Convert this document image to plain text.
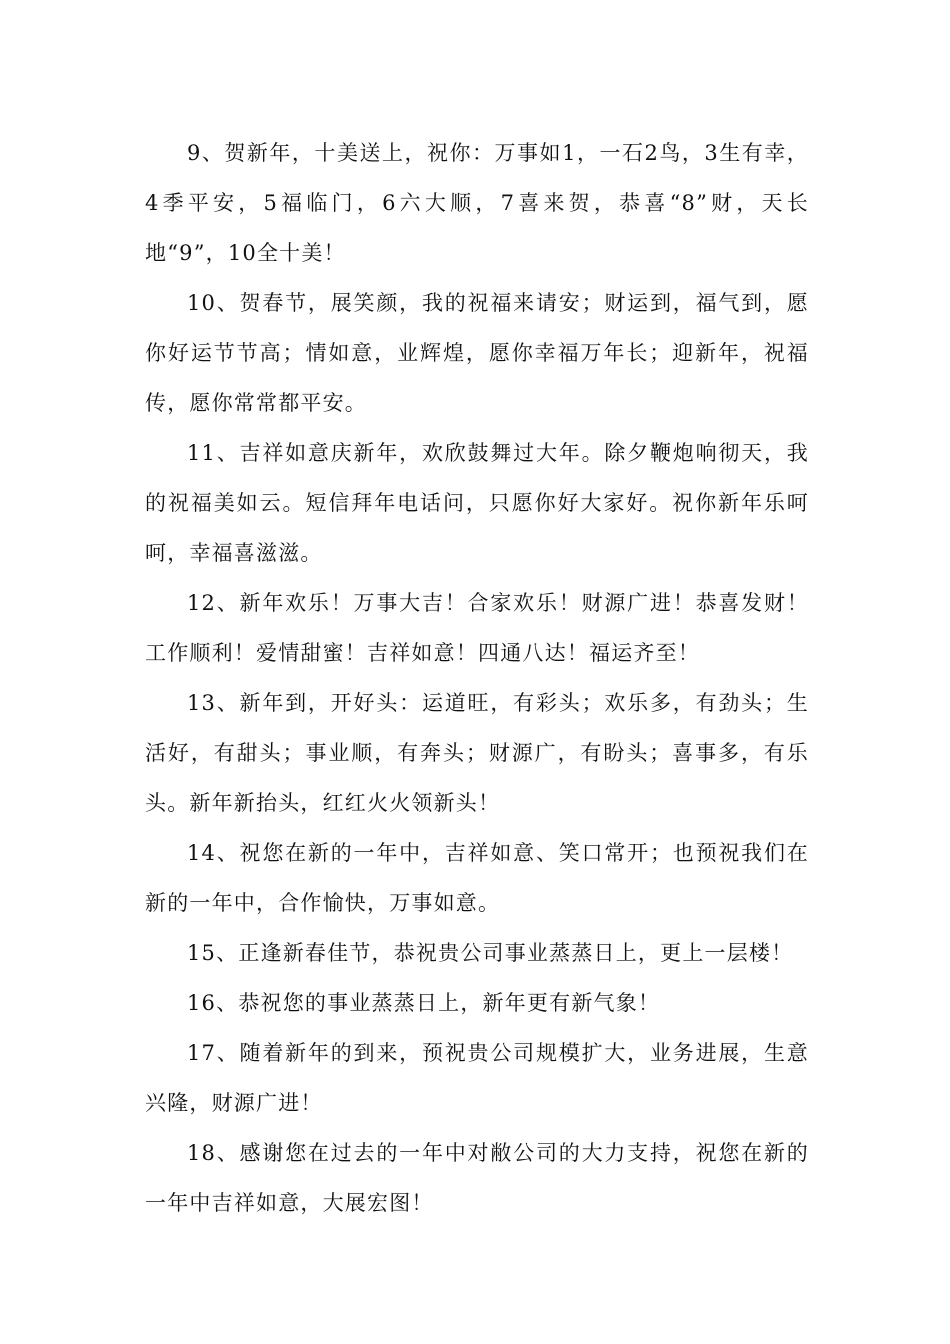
9、贺新年，十美送上，祝你：万事如1，一石2鸟，3生有幸，4季平安，5福临门，6六大顺，7喜来贺，恭喜“8”财，天长地“9”，10全十美！

10、贺春节，展笑颜，我的祝福来请安；财运到，福气到，愿你好运节节高；情如意，业辉煌，愿你幸福万年长；迎新年，祝福传，愿你常常都平安。

11、吉祥如意庆新年，欢欣鼓舞过大年。除夕鞭炮响彻天，我的祝福美如云。短信拜年电话问，只愿你好大家好。祝你新年乐呵呵，幸福喜滋滋。

12、新年欢乐！万事大吉！合家欢乐！财源广进！恭喜发财！工作顺利！爱情甜蜜！吉祥如意！四通八达！福运齐至！

13、新年到，开好头：运道旺，有彩头；欢乐多，有劲头；生活好，有甜头；事业顺，有奔头；财源广，有盼头；喜事多，有乐头。新年新抬头，红红火火领新头！

14、祝您在新的一年中，吉祥如意、笑口常开；也预祝我们在新的一年中，合作愉快，万事如意。

15、正逢新春佳节，恭祝贵公司事业蒸蒸日上，更上一层楼！

16、恭祝您的事业蒸蒸日上，新年更有新气象！

17、随着新年的到来，预祝贵公司规模扩大，业务进展，生意兴隆，财源广进！

18、感谢您在过去的一年中对敝公司的大力支持，祝您在新的一年中吉祥如意，大展宏图！
